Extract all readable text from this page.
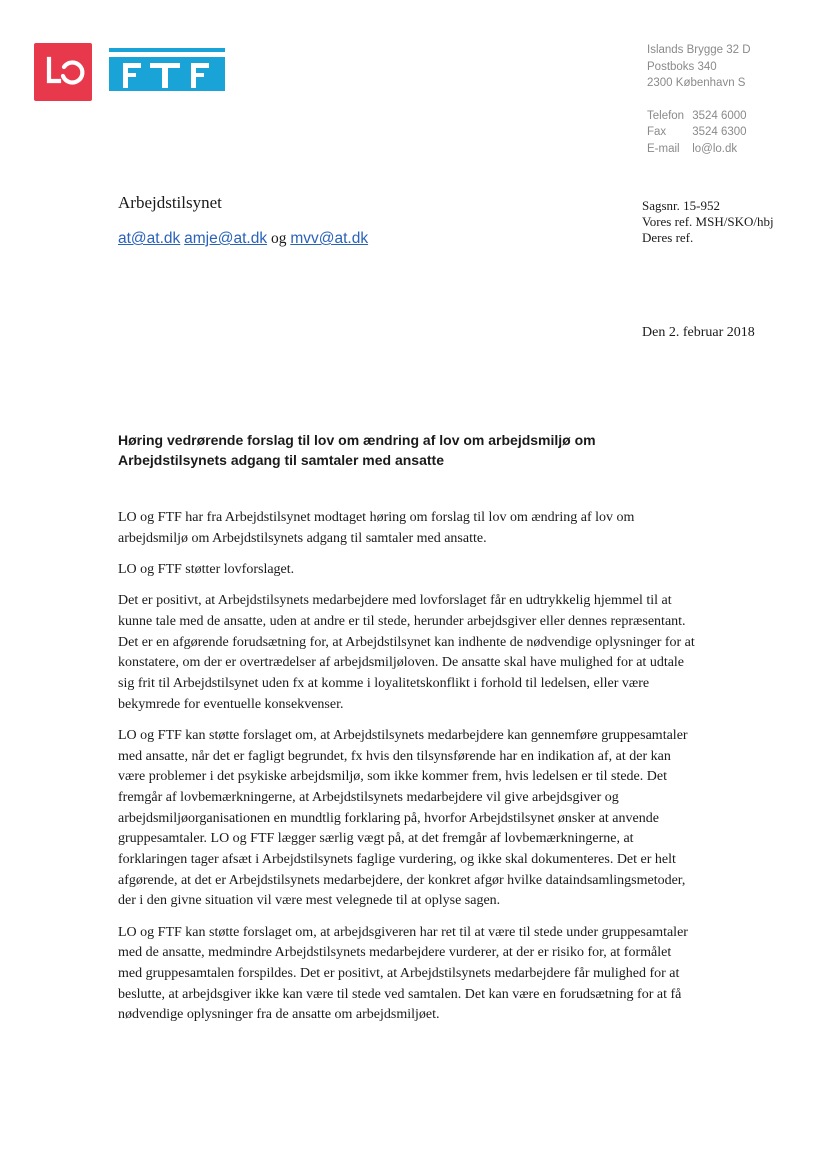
Islands Brygge 32 D
Postboks 340
2300 København S
Telefon 3524 6000
Fax 3524 6300
E-mail lo@lo.dk
Arbejdstilsynet
at@at.dk amje@at.dk og mvv@at.dk
Sagsnr. 15-952
Vores ref. MSH/SKO/hbj
Deres ref.
Den 2. februar 2018
Høring vedrørende forslag til lov om ændring af lov om arbejdsmiljø om Arbejdstilsynets adgang til samtaler med ansatte

LO og FTF har fra Arbejdstilsynet modtaget høring om forslag til lov om ændring af lov om arbejdsmiljø om Arbejdstilsynets adgang til samtaler med ansatte.

LO og FTF støtter lovforslaget.

Det er positivt, at Arbejdstilsynets medarbejdere med lovforslaget får en udtrykkelig hjemmel til at kunne tale med de ansatte, uden at andre er til stede, herunder arbejdsgiver eller dennes repræsentant. Det er en afgørende forudsætning for, at Arbejdstilsynet kan indhente de nødvendige oplysninger for at konstatere, om der er overtrædelser af arbejdsmiljøloven. De ansatte skal have mulighed for at udtale sig frit til Arbejdstilsynet uden fx at komme i loyalitetskonflikt i forhold til ledelsen, eller være bekymrede for eventuelle konsekvenser.

LO og FTF kan støtte forslaget om, at Arbejdstilsynets medarbejdere kan gennemføre gruppesamtaler med ansatte, når det er fagligt begrundet, fx hvis den tilsynsførende har en indikation af, at der kan være problemer i det psykiske arbejdsmiljø, som ikke kommer frem, hvis ledelsen er til stede. Det fremgår af lovbemærkningerne, at Arbejdstilsynets medarbejdere vil give arbejdsgiver og arbejdsmiljøorganisationen en mundtlig forklaring på, hvorfor Arbejdstilsynet ønsker at anvende gruppesamtaler. LO og FTF lægger særlig vægt på, at det fremgår af lovbemærkningerne, at forklaringen tager afsæt i Arbejdstilsynets faglige vurdering, og ikke skal dokumenteres. Det er helt afgørende, at det er Arbejdstilsynets medarbejdere, der konkret afgør hvilke dataindsamlingsmetoder, der i den givne situation vil være mest velegnede til at oplyse sagen.

LO og FTF kan støtte forslaget om, at arbejdsgiveren har ret til at være til stede under gruppesamtaler med de ansatte, medmindre Arbejdstilsynets medarbejdere vurderer, at der er risiko for, at formålet med gruppesamtalen forspildes. Det er positivt, at Arbejdstilsynets medarbejdere får mulighed for at beslutte, at arbejdsgiver ikke kan være til stede ved samtalen. Det kan være en forudsætning for at få nødvendige oplysninger fra de ansatte om arbejdsmiljøet.
